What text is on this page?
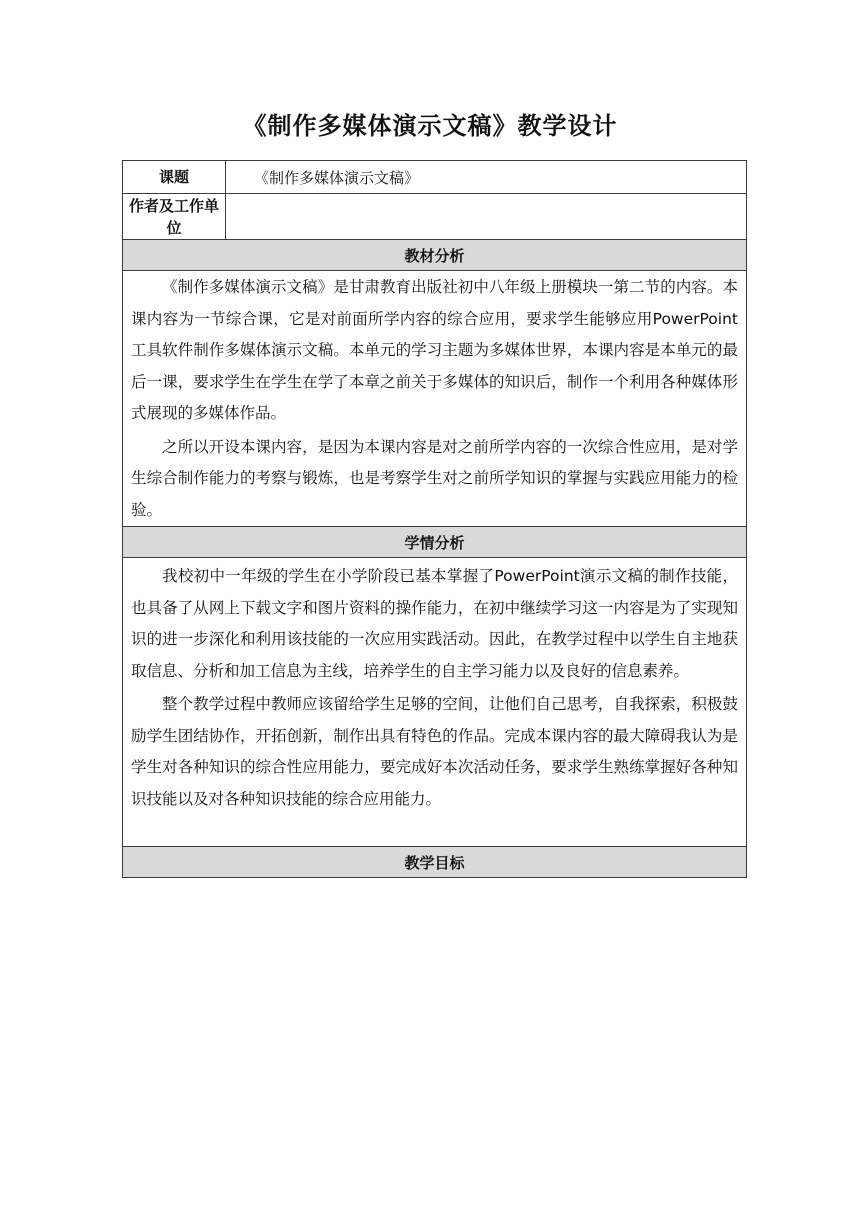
《制作多媒体演示文稿》教学设计
课题	《制作多媒体演示文稿》
作者及工作单位	
教材分析	

《制作多媒体演示文稿》是甘肃教育出版社初中八年级上册模块一第二节的内容。本课内容为一节综合课，它是对前面所学内容的综合应用，要求学生能够应用PowerPoint工具软件制作多媒体演示文稿。本单元的学习主题为多媒体世界，本课内容是本单元的最后一课，要求学生在学生在学了本章之前关于多媒体的知识后，制作一个利用各种媒体形式展现的多媒体作品。

之所以开设本课内容，是因为本课内容是对之前所学内容的一次综合性应用，是对学生综合制作能力的考察与锻炼，也是考察学生对之前所学知识的掌握与实践应用能力的检验。	

学情分析	

我校初中一年级的学生在小学阶段已基本掌握了PowerPoint演示文稿的制作技能，也具备了从网上下载文字和图片资料的操作能力，在初中继续学习这一内容是为了实现知识的进一步深化和利用该技能的一次应用实践活动。因此，在教学过程中以学生自主地获取信息、分析和加工信息为主线，培养学生的自主学习能力以及良好的信息素养。

整个教学过程中教师应该留给学生足够的空间，让他们自己思考，自我探索，积极鼓励学生团结协作，开拓创新，制作出具有特色的作品。完成本课内容的最大障碍我认为是学生对各种知识的综合性应用能力，要完成好本次活动任务，要求学生熟练掌握好各种知识技能以及对各种知识技能的综合应用能力。	

教学目标	
